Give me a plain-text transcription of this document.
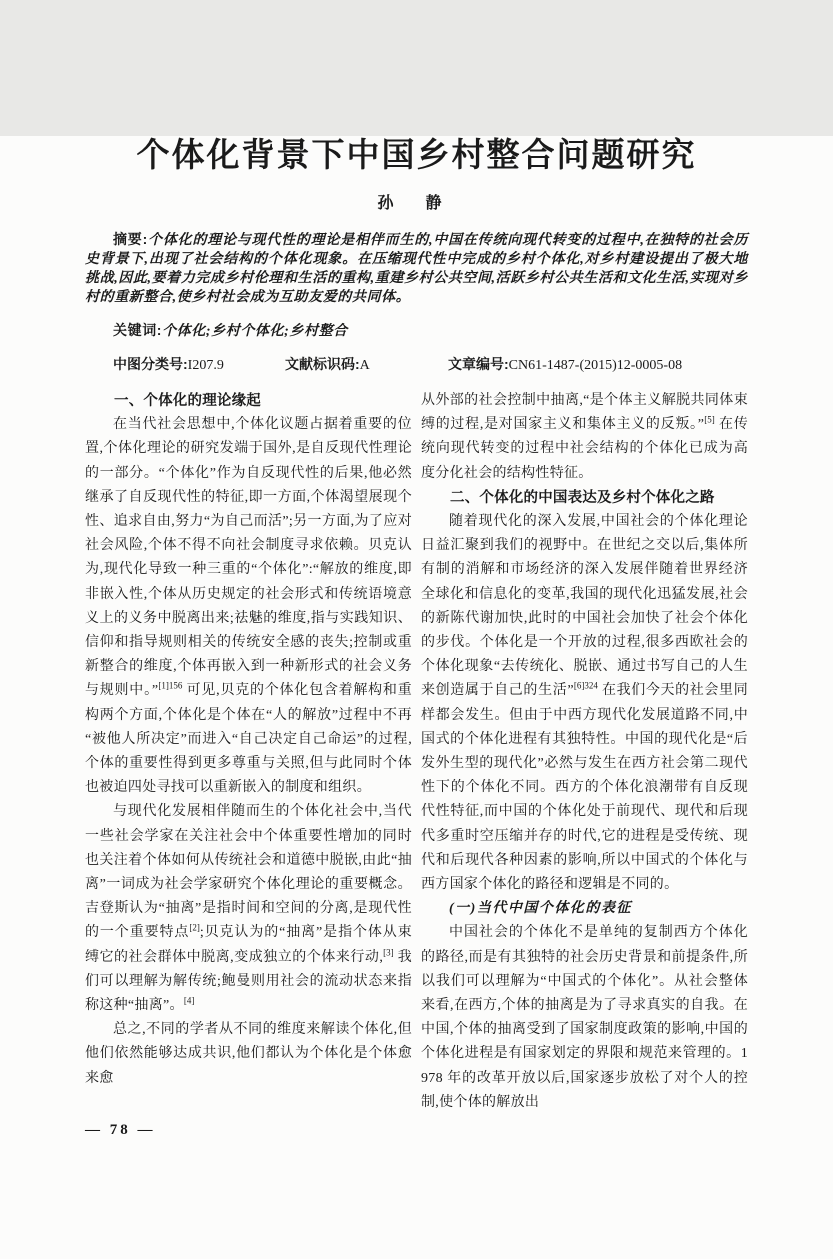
个体化背景下中国乡村整合问题研究
孙 静

摘要:个体化的理论与现代性的理论是相伴而生的,中国在传统向现代转变的过程中,在独特的社会历史背景下,出现了社会结构的个体化现象。在压缩现代性中完成的乡村个体化,对乡村建设提出了极大地挑战,因此,要着力完成乡村伦理和生活的重构,重建乡村公共空间,活跃乡村公共生活和文化生活,实现对乡村的重新整合,使乡村社会成为互助友爱的共同体。

关键词:个体化;乡村个体化;乡村整合

中图分类号:I207.9	文献标识码:A	文章编号:CN61-1487-(2015)12-0005-08
一、个体化的理论缘起

在当代社会思想中,个体化议题占据着重要的位置,个体化理论的研究发端于国外,是自反现代性理论的一部分。“个体化”作为自反现代性的后果,他必然继承了自反现代性的特征,即一方面,个体渴望展现个性、追求自由,努力“为自己而活”;另一方面,为了应对社会风险,个体不得不向社会制度寻求依赖。贝克认为,现代化导致一种三重的“个体化”:“解放的维度,即非嵌入性,个体从历史规定的社会形式和传统语境意义上的义务中脱离出来;祛魅的维度,指与实践知识、信仰和指导规则相关的传统安全感的丧失;控制或重新整合的维度,个体再嵌入到一种新形式的社会义务与规则中。”$^{[1]156}$ 可见,贝克的个体化包含着解构和重构两个方面,个体化是个体在“人的解放”过程中不再“被他人所决定”而进入“自己决定自己命运”的过程,个体的重要性得到更多尊重与关照,但与此同时个体也被迫四处寻找可以重新嵌入的制度和组织。

与现代化发展相伴随而生的个体化社会中,当代一些社会学家在关注社会中个体重要性增加的同时也关注着个体如何从传统社会和道德中脱嵌,由此“抽离”一词成为社会学家研究个体化理论的重要概念。吉登斯认为“抽离”是指时间和空间的分离,是现代性的一个重要特点[2];贝克认为的“抽离”是指个体从束缚它的社会群体中脱离,变成独立的个体来行动,[3] 我们可以理解为解传统;鲍曼则用社会的流动状态来指称这种“抽离”。[4]

总之,不同的学者从不同的维度来解读个体化,但他们依然能够达成共识,他们都认为个体化是个体愈来愈

从外部的社会控制中抽离,“是个体主义解脱共同体束缚的过程,是对国家主义和集体主义的反叛。”[5] 在传统向现代转变的过程中社会结构的个体化已成为高度分化社会的结构性特征。

二、个体化的中国表达及乡村个体化之路

随着现代化的深入发展,中国社会的个体化理论日益汇聚到我们的视野中。在世纪之交以后,集体所有制的消解和市场经济的深入发展伴随着世界经济全球化和信息化的变革,我国的现代化迅猛发展,社会的新陈代谢加快,此时的中国社会加快了社会个体化的步伐。个体化是一个开放的过程,很多西欧社会的个体化现象“去传统化、脱嵌、通过书写自己的人生来创造属于自己的生活”$^{[6]324}$ 在我们今天的社会里同样都会发生。但由于中西方现代化发展道路不同,中国式的个体化进程有其独特性。中国的现代化是“后发外生型的现代化”必然与发生在西方社会第二现代性下的个体化不同。西方的个体化浪潮带有自反现代性特征,而中国的个体化处于前现代、现代和后现代多重时空压缩并存的时代,它的进程是受传统、现代和后现代各种因素的影响,所以中国式的个体化与西方国家个体化的路径和逻辑是不同的。

(一)当代中国个体化的表征

中国社会的个体化不是单纯的复制西方个体化的路径,而是有其独特的社会历史背景和前提条件,所以我们可以理解为“中国式的个体化”。从社会整体来看,在西方,个体的抽离是为了寻求真实的自我。在中国,个体的抽离受到了国家制度政策的影响,中国的个体化进程是有国家划定的界限和规范来管理的。1978 年的改革开放以后,国家逐步放松了对个人的控制,使个体的解放出

— 78 —
